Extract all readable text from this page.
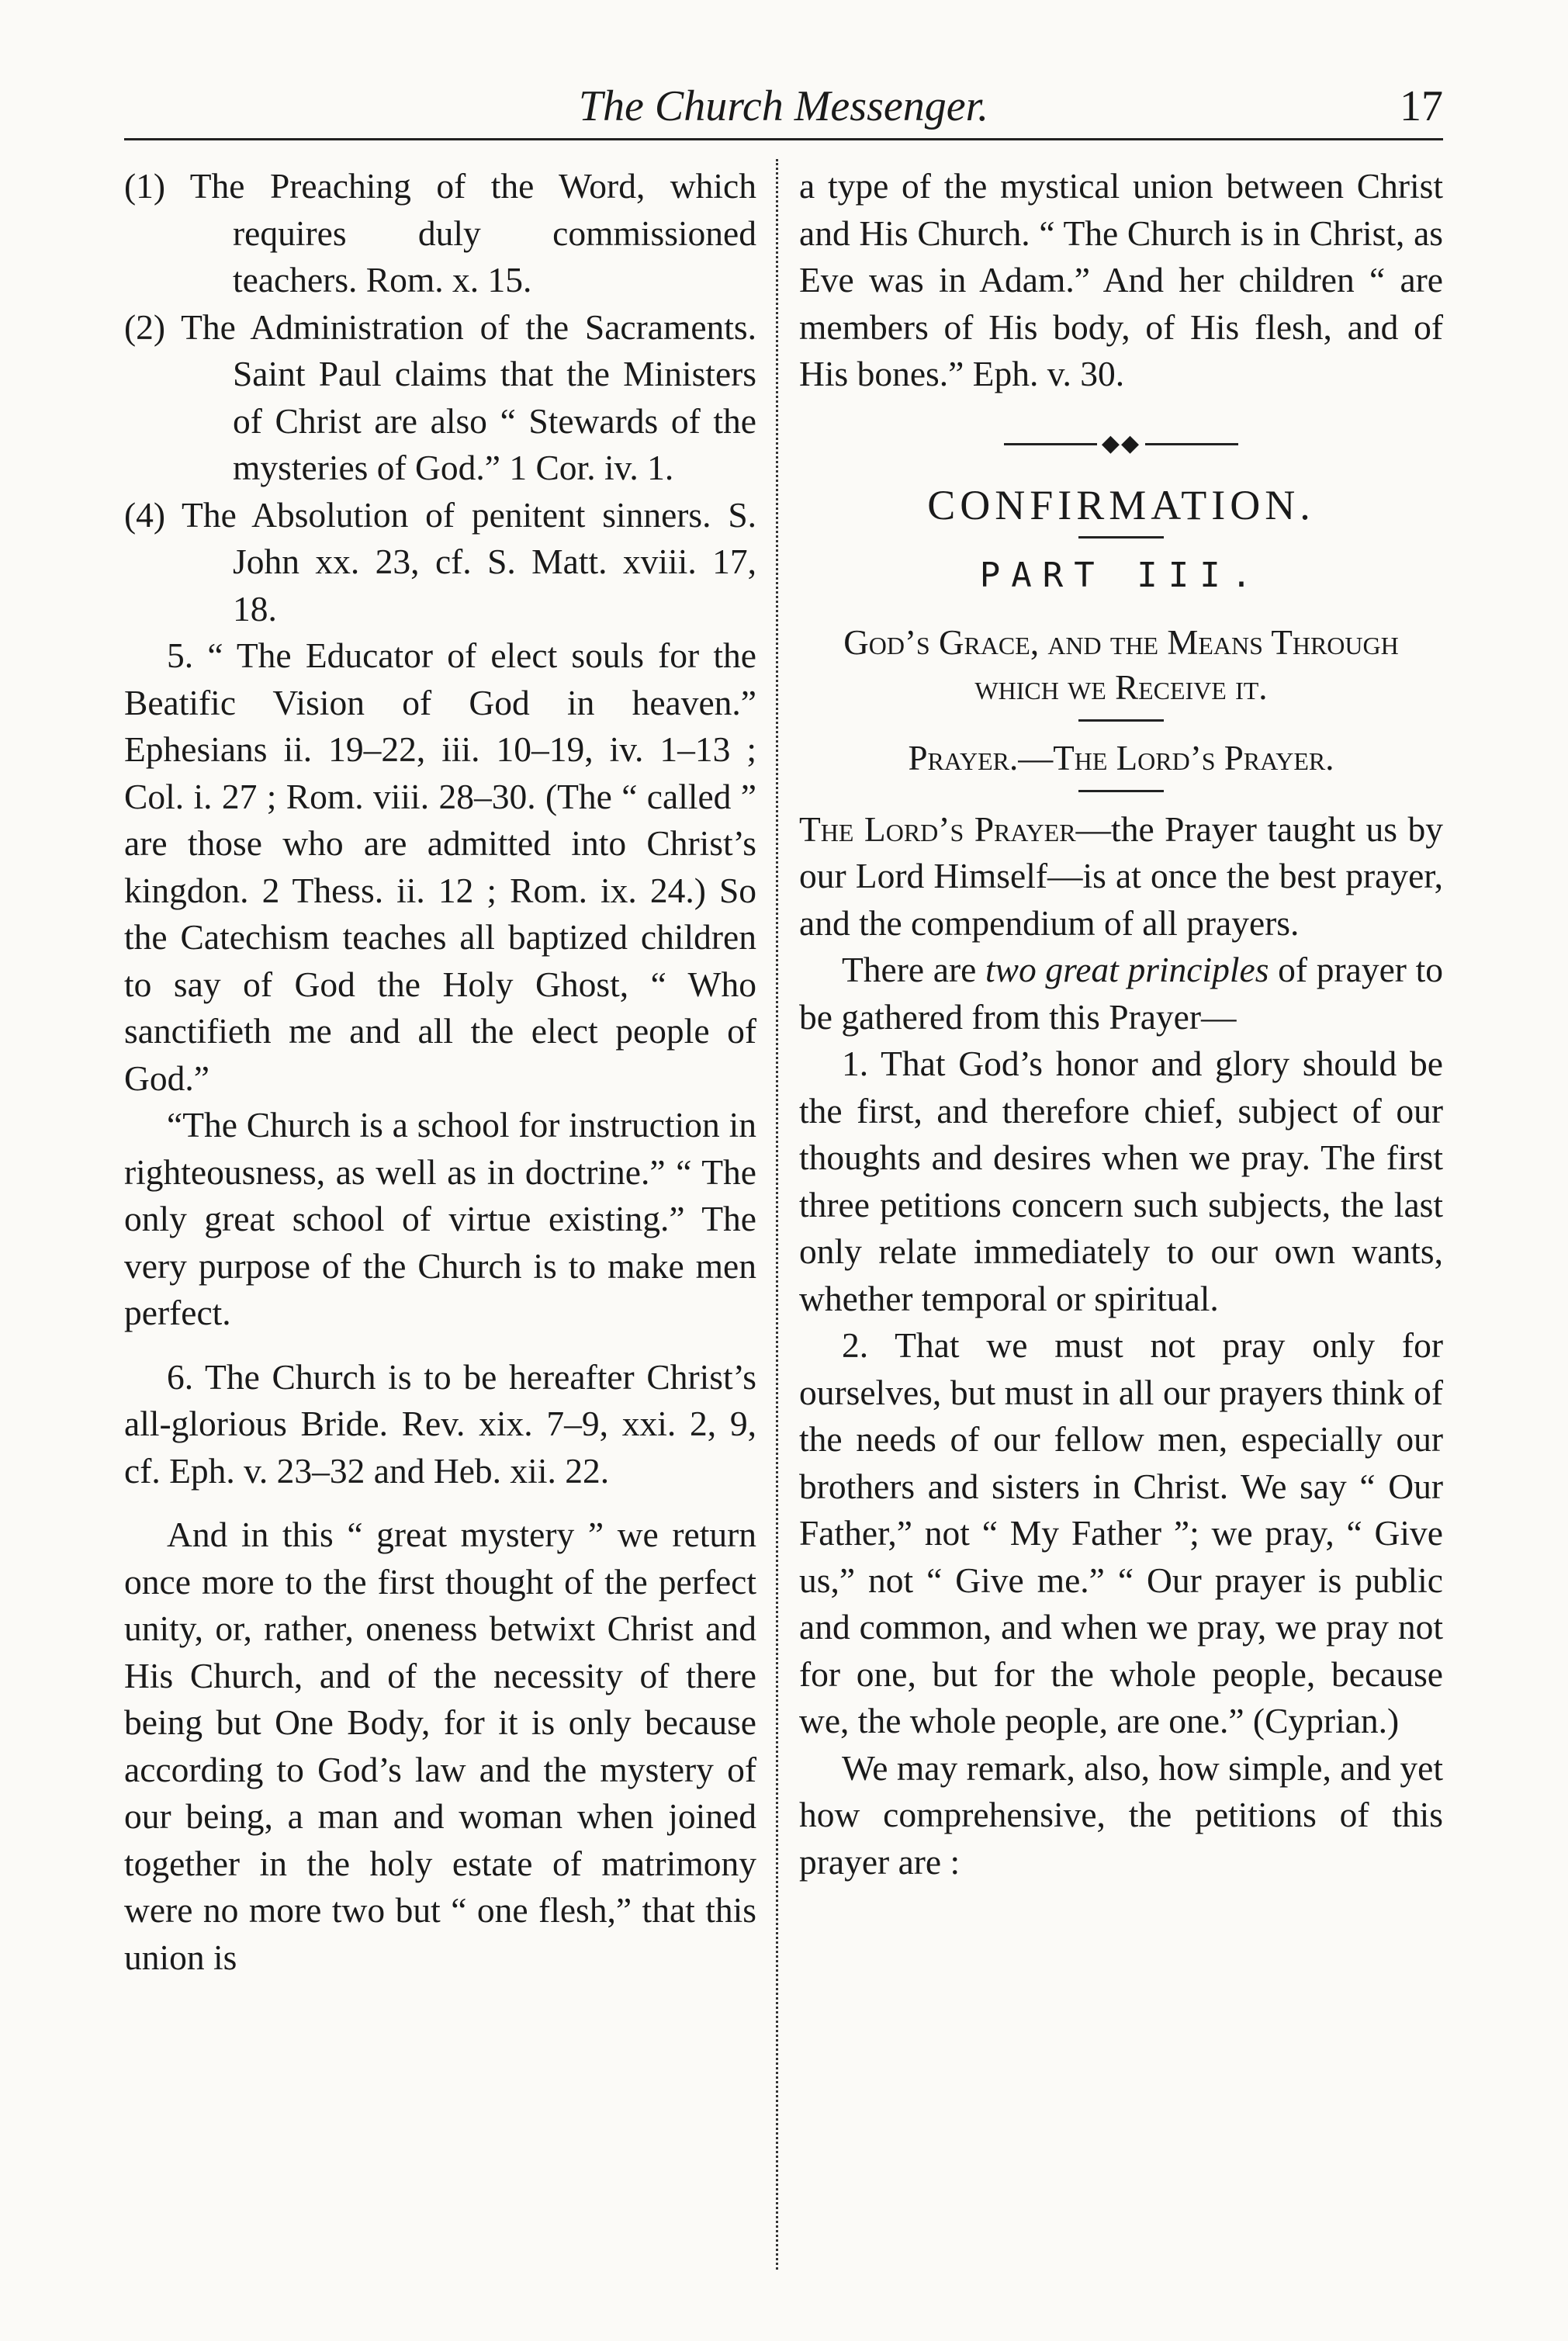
The Church Messenger.	17

(1) The Preaching of the Word, which requires duly commissioned teachers. Rom. x. 15.

(2) The Administration of the Sacraments. Saint Paul claims that the Ministers of Christ are also “ Stewards of the mysteries of God.” 1 Cor. iv. 1.

(4) The Absolution of penitent sinners. S. John xx. 23, cf. S. Matt. xviii. 17, 18.

5. “ The Educator of elect souls for the Beatific Vision of God in heaven.” Ephesians ii. 19–22, iii. 10–19, iv. 1–13 ; Col. i. 27 ; Rom. viii. 28–30. (The “ called ” are those who are admitted into Christ’s kingdon. 2 Thess. ii. 12 ; Rom. ix. 24.) So the Catechism teaches all baptized children to say of God the Holy Ghost, “ Who sanctifieth me and all the elect people of God.”

“The Church is a school for instruction in righteousness, as well as in doctrine.” “ The only great school of virtue existing.” The very purpose of the Church is to make men perfect.

6. The Church is to be hereafter Christ’s all-glorious Bride. Rev. xix. 7–9, xxi. 2, 9, cf. Eph. v. 23–32 and Heb. xii. 22.

And in this “ great mystery ” we return once more to the first thought of the perfect unity, or, rather, oneness betwixt Christ and His Church, and of the necessity of there being but One Body, for it is only because according to God’s law and the mystery of our being, a man and woman when joined together in the holy estate of matrimony were no more two but “ one flesh,” that this union is

a type of the mystical union between Christ and His Church. “ The Church is in Christ, as Eve was in Adam.” And her children “ are members of His body, of His flesh, and of His bones.” Eph. v. 30.

◆◆
CONFIRMATION.
PART III.
God’s Grace, and the Means Through which we Receive it.
Prayer.—The Lord’s Prayer.

The Lord’s Prayer—the Prayer taught us by our Lord Himself—is at once the best prayer, and the compendium of all prayers.

There are two great principles of prayer to be gathered from this Prayer—

1. That God’s honor and glory should be the first, and therefore chief, subject of our thoughts and desires when we pray. The first three petitions concern such subjects, the last only relate immediately to our own wants, whether temporal or spiritual.

2. That we must not pray only for ourselves, but must in all our prayers think of the needs of our fellow men, especially our brothers and sisters in Christ. We say “ Our Father,” not “ My Father ”; we pray, “ Give us,” not “ Give me.” “ Our prayer is public and common, and when we pray, we pray not for one, but for the whole people, because we, the whole people, are one.” (Cyprian.)

We may remark, also, how simple, and yet how comprehensive, the petitions of this prayer are :
